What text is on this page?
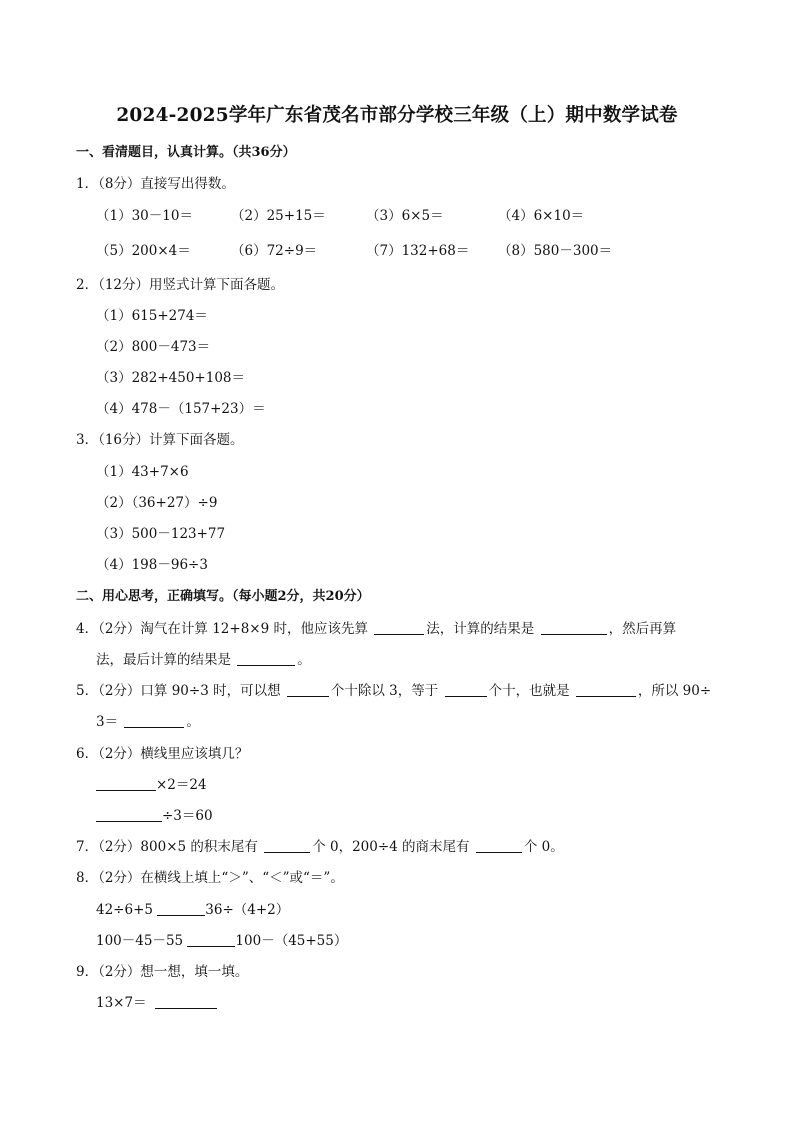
2024-2025学年广东省茂名市部分学校三年级（上）期中数学试卷
一、看清题目，认真计算。（共36分）
1．（8分）直接写出得数。
（1）30－10＝	（2）25+15＝	（3）6×5＝	（4）6×10＝
（5）200×4＝	（6）72÷9＝	（7）132+68＝ （8）580－300＝
2．（12分）用竖式计算下面各题。
（1）615+274＝
（2）800－473＝
（3）282+450+108＝
（4）478－（157+23）＝
3．（16分）计算下面各题。
（1）43+7×6
（2）（36+27）÷9
（3）500－123+77
（4）198－96÷3
二、用心思考，正确填写。（每小题2分，共20分）
4．（2分）淘气在计算 12+8×9 时，他应该先算	法，计算的结果是	，然后再算
法，最后计算的结果是	。
5．（2分）口算 90÷3 时，可以想	个十除以 3，等于	个十，也就是	，所以 90÷
3＝	。
6．（2分）横线里应该填几？
×2＝24
÷3＝60
7．（2分）800×5 的积末尾有	个 0，200÷4 的商末尾有	个 0。
8．（2分）在横线上填上“＞”、“＜”或“＝”。
42÷6+5	36÷（4+2）
100－45－55	100－（45+55）
9．（2分）想一想，填一填。
13×7＝
